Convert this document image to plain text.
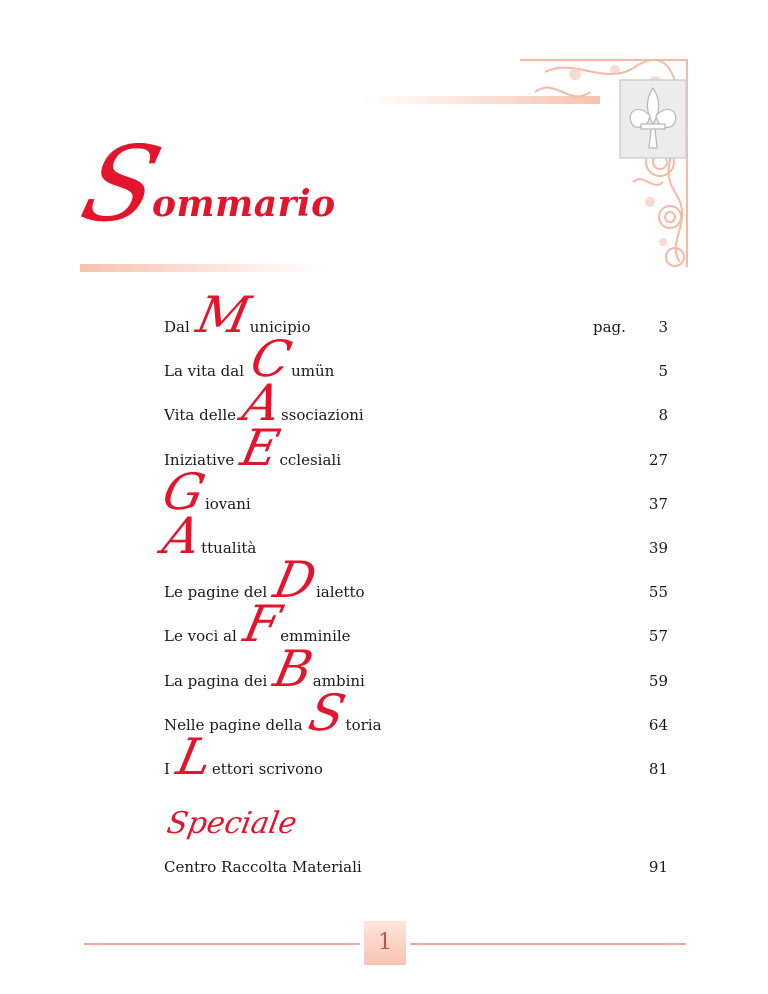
S
ommario
Dal Municipio	pag. 3
La vita dal Cumün	5
Vita delle Associazioni	8
Iniziative Ecclesiali	27
Giovani	37
Attualità	39
Le pagine del Dialetto	55
Le voci al Femminile	57
La pagina dei Bambini	59
Nelle pagine della Storia	64
I Lettori scrivono	81
Speciale
Centro Raccolta Materiali	91
1
